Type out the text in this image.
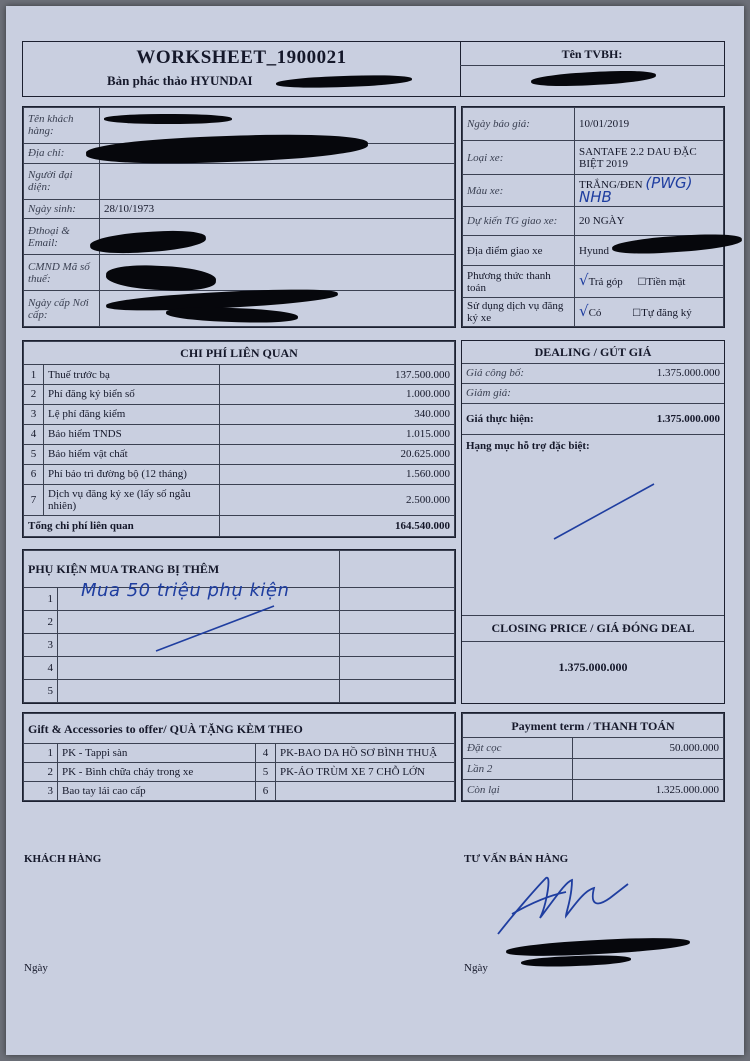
WORKSHEET_1900021
Bản phác thảo HYUNDAI
Tên TVBH:
Tên khách hàng:	
Địa chỉ:	
Người đại diện:	
Ngày sinh:	28/10/1973
Đthoại & Email:	
CMND Mã số thuế:	
Ngày cấp Nơi cấp:	
Ngày báo giá:	10/01/2019
Loại xe:	SANTAFE 2.2 DAU ĐẶC BIỆT 2019
Màu xe:	TRẮNG/ĐEN (PWG) NHB
Dự kiến TG giao xe:	20 NGÀY
Địa điểm giao xe	Hyund
Phương thức thanh toán	√Trả góp ☐Tiền mặt
Sử dụng dịch vụ đăng ký xe	√Có ☐Tự đăng ký
CHI PHÍ LIÊN QUAN		
1	Thuế trước bạ	137.500.000
2	Phí đăng ký biển số	1.000.000
3	Lệ phí đăng kiểm	340.000
4	Bảo hiểm TNDS	1.015.000
5	Bảo hiểm vật chất	20.625.000
6	Phí bảo trì đường bộ (12 tháng)	1.560.000
7	Dịch vụ đăng ký xe (lấy số ngẫu nhiên)	2.500.000
Tổng chi phí liên quan		164.540.000
DEALING / GÚT GIÁ
Giá công bố:	1.375.000.000
Giảm giá:
Giá thực hiện:	1.375.000.000
Hạng mục hỗ trợ đặc biệt:
CLOSING PRICE / GIÁ ĐÓNG DEAL
1.375.000.000
PHỤ KIỆN MUA TRANG BỊ THÊM		
1		
2		
3		
4		
5		
Mua 50 triệu phụ kiện
Gift & Accessories to offer/ QUÀ TẶNG KÈM THEO			
1	PK - Tappi sàn	4	PK-BAO DA HỒ SƠ BÌNH THUẬ
2	PK - Bình chữa cháy trong xe	5	PK-ÁO TRÙM XE 7 CHỖ LỚN
3	Bao tay lái cao cấp	6	
Payment term / THANH TOÁN	
Đặt cọc	50.000.000
Lần 2	
Còn lại	1.325.000.000
KHÁCH HÀNG	TƯ VẤN BÁN HÀNG
Ngày	Ngày
